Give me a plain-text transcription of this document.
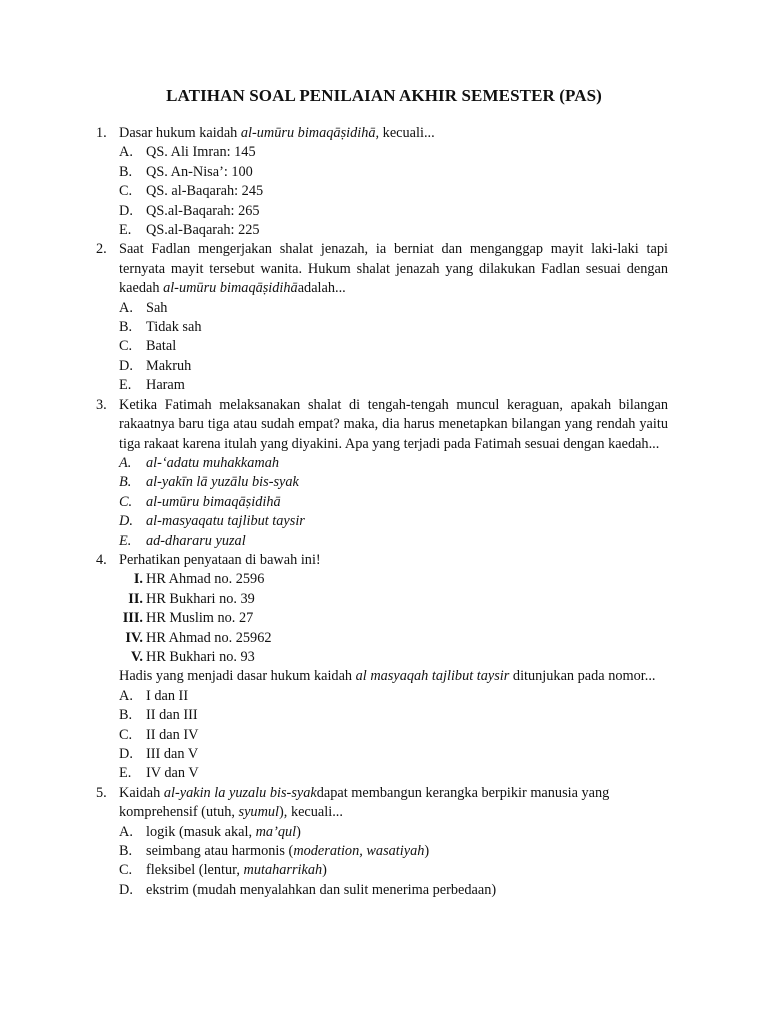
LATIHAN SOAL PENILAIAN AKHIR SEMESTER (PAS)
1. Dasar hukum kaidah al-umūru bimaqāṣidihā, kecuali...
A. QS. Ali Imran: 145
B. QS. An-Nisa’: 100
C. QS. al-Baqarah: 245
D. QS.al-Baqarah: 265
E. QS.al-Baqarah: 225
2. Saat Fadlan mengerjakan shalat jenazah, ia berniat dan menganggap mayit laki-laki tapi ternyata mayit tersebut wanita. Hukum shalat jenazah yang dilakukan Fadlan sesuai dengan kaedah al-umūru bimaqāṣidihāadalah...
A. Sah
B. Tidak sah
C. Batal
D. Makruh
E. Haram
3. Ketika Fatimah melaksanakan shalat di tengah-tengah muncul keraguan, apakah bilangan rakaatnya baru tiga atau sudah empat? maka, dia harus menetapkan bilangan yang rendah yaitu tiga rakaat karena itulah yang diyakini. Apa yang terjadi pada Fatimah sesuai dengan kaedah...
A. al-‘adatu muhakkamah
B. al-yakīn lā yuzālu bis-syak
C. al-umūru bimaqāṣidihā
D. al-masyaqatu tajlibut taysir
E. ad-dhararu yuzal
4. Perhatikan penyataan di bawah ini!
I. HR Ahmad no. 2596
II. HR Bukhari no. 39
III. HR Muslim no. 27
IV. HR Ahmad no. 25962
V. HR Bukhari no. 93
Hadis yang menjadi dasar hukum kaidah al masyaqah tajlibut taysir ditunjukan pada nomor...
A. I dan II
B. II dan III
C. II dan IV
D. III dan V
E. IV dan V
5. Kaidah al-yakin la yuzalu bis-syakdapat membangun kerangka berpikir manusia yang komprehensif (utuh, syumul), kecuali...
A. logik (masuk akal, ma’qul)
B. seimbang atau harmonis (moderation, wasatiyah)
C. fleksibel (lentur, mutaharrikah)
D. ekstrim (mudah menyalahkan dan sulit menerima perbedaan)
